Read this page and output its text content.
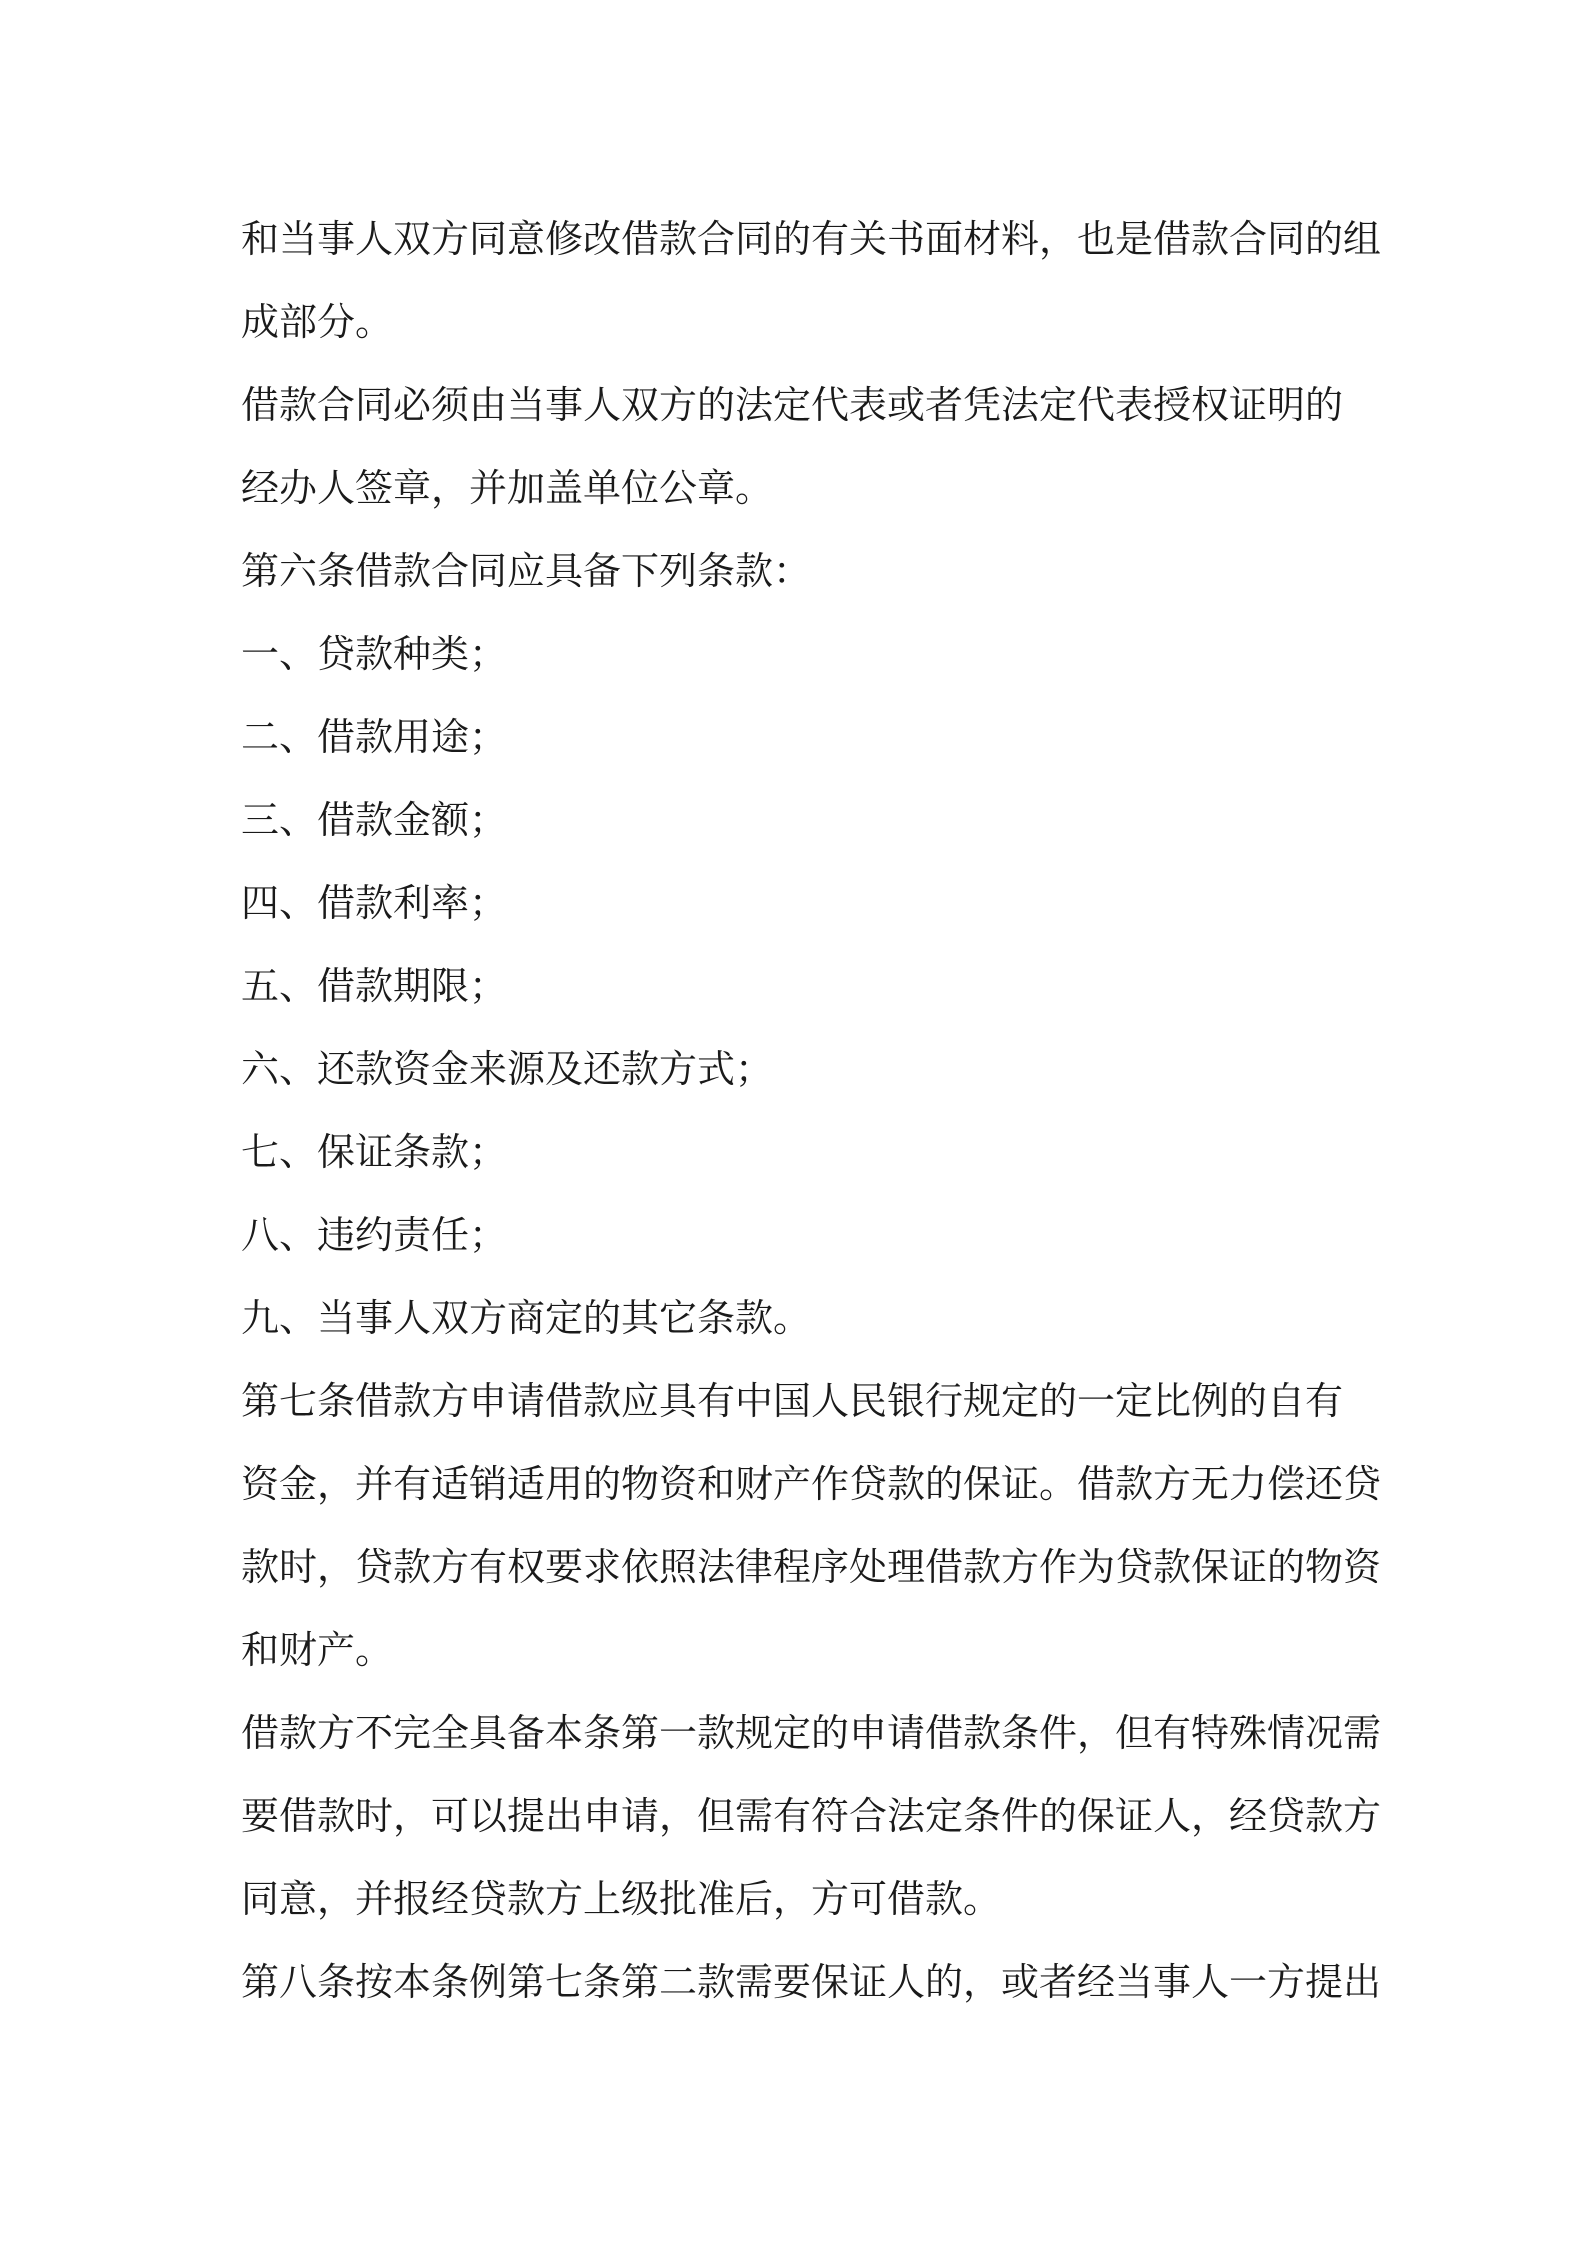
和当事人双方同意修改借款合同的有关书面材料，也是借款合同的组
成部分。
借款合同必须由当事人双方的法定代表或者凭法定代表授权证明的
经办人签章，并加盖单位公章。
第六条借款合同应具备下列条款：
一、贷款种类；
二、借款用途；
三、借款金额；
四、借款利率；
五、借款期限；
六、还款资金来源及还款方式；
七、保证条款；
八、违约责任；
九、当事人双方商定的其它条款。
第七条借款方申请借款应具有中国人民银行规定的一定比例的自有
资金，并有适销适用的物资和财产作贷款的保证。借款方无力偿还贷
款时，贷款方有权要求依照法律程序处理借款方作为贷款保证的物资
和财产。
借款方不完全具备本条第一款规定的申请借款条件，但有特殊情况需
要借款时，可以提出申请，但需有符合法定条件的保证人，经贷款方
同意，并报经贷款方上级批准后，方可借款。
第八条按本条例第七条第二款需要保证人的，或者经当事人一方提出
